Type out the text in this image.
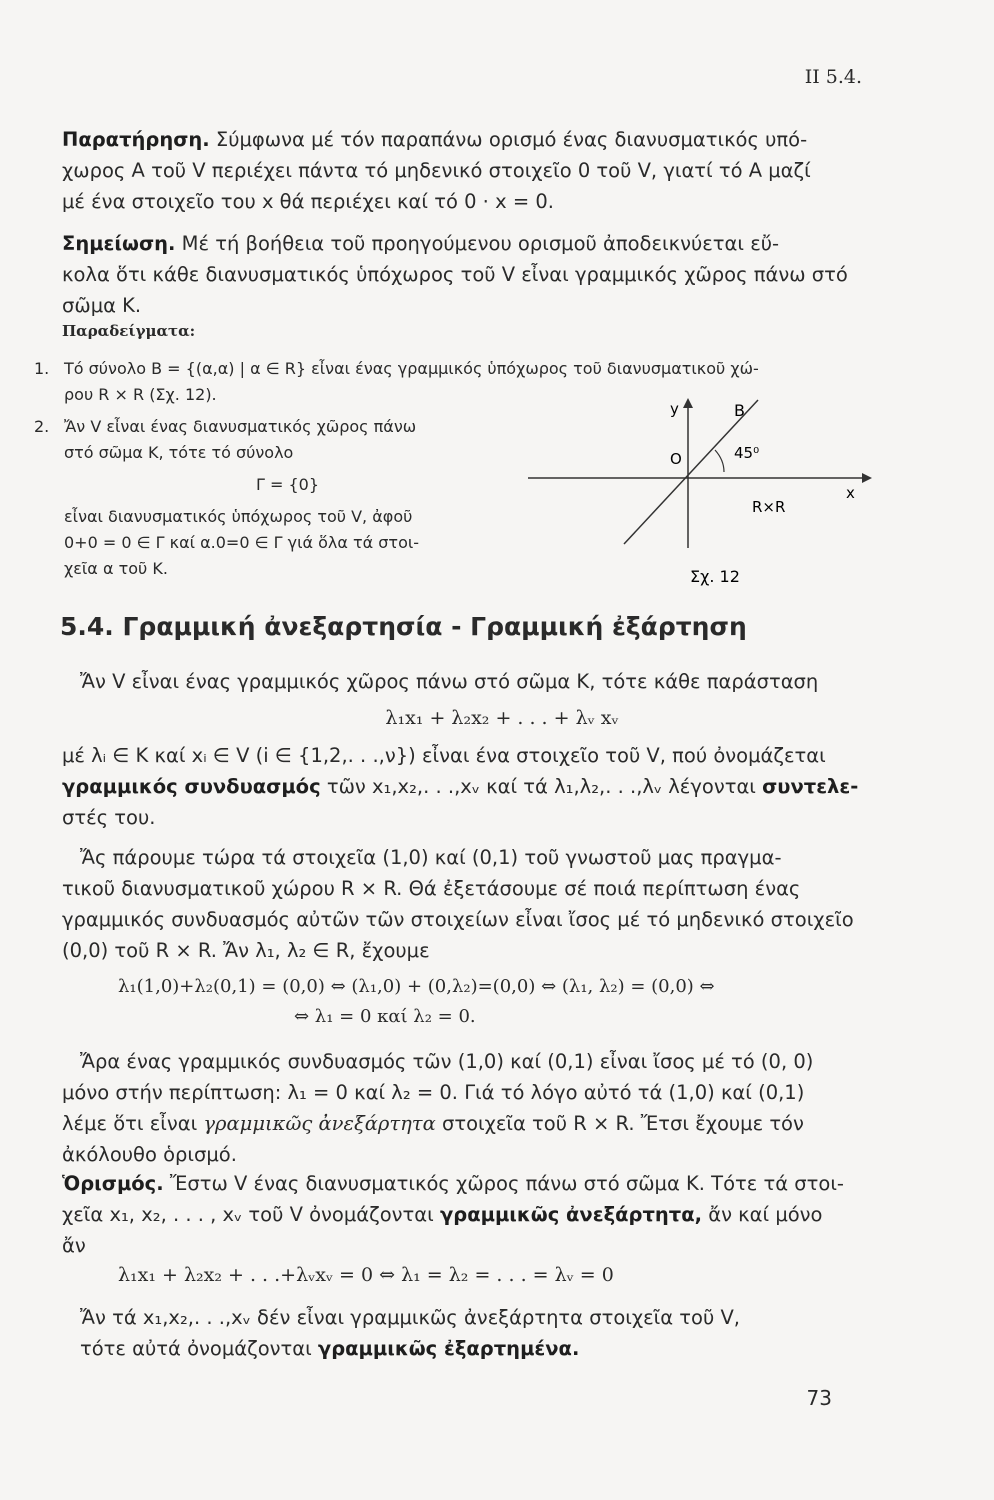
II 5.4.

Παρατήρηση. Σύμφωνα μέ τόν παραπάνω ορισμό ένας διανυσματικός υπό-

χωρος Α τοῦ V περιέχει πάντα τό μηδενικό στοιχεῖο 0 τοῦ V, γιατί τό Α μαζί

μέ ένα στοιχεῖο του x θά περιέχει καί τό 0 · x = 0.

Σημείωση. Μέ τή βοήθεια τοῦ προηγούμενου ορισμοῦ ἀποδεικνύεται εὔ-

κολα ὅτι κάθε διανυσματικός ὑπόχωρος τοῦ V εἶναι γραμμικός χῶρος πάνω στό

σῶμα Κ.

Παραδείγματα:
1. Τό σύνολο Β = {(α,α) | α ∈ R} εἶναι ένας γραμμικός ὑπόχωρος τοῦ διανυσματικοῦ χώ-
ρου R × R (Σχ. 12).
2. Ἄν V εἶναι ένας διανυσματικός χῶρος πάνω
στό σῶμα Κ, τότε τό σύνολο
Γ = {0}
εἶναι διανυσματικός ὑπόχωρος τοῦ V, ἀφοῦ
0+0 = 0 ∈ Γ καί α.0=0 ∈ Γ γιά ὅλα τά στοι-
χεῖα α τοῦ Κ.
y	B
O	45⁰
x
R×R
Σχ. 12
5.4. Γραμμική ἀνεξαρτησία - Γραμμική ἐξάρτηση

Ἄν V εἶναι ένας γραμμικός χῶρος πάνω στό σῶμα Κ, τότε κάθε παράσταση

λ₁x₁ + λ₂x₂ + . . . + λᵥ xᵥ

μέ λᵢ ∈ Κ καί xᵢ ∈ V (i ∈ {1,2,. . .,ν}) εἶναι ένα στοιχεῖο τοῦ V, πού ὀνομάζεται

γραμμικός συνδυασμός τῶν x₁,x₂,. . .,xᵥ καί τά λ₁,λ₂,. . .,λᵥ λέγονται συντελε-

στές του.

Ἄς πάρουμε τώρα τά στοιχεῖα (1,0) καί (0,1) τοῦ γνωστοῦ μας πραγμα-

τικοῦ διανυσματικοῦ χώρου R × R. Θά ἐξετάσουμε σέ ποιά περίπτωση ένας

γραμμικός συνδυασμός αὐτῶν τῶν στοιχείων εἶναι ἴσος μέ τό μηδενικό στοιχεῖο

(0,0) τοῦ R × R. Ἄν λ₁, λ₂ ∈ R, ἔχουμε

λ₁(1,0)+λ₂(0,1) = (0,0) ⇔ (λ₁,0) + (0,λ₂)=(0,0) ⇔ (λ₁, λ₂) = (0,0) ⇔
⇔ λ₁ = 0 καί λ₂ = 0.

Ἄρα ένας γραμμικός συνδυασμός τῶν (1,0) καί (0,1) εἶναι ἴσος μέ τό (0, 0)

μόνο στήν περίπτωση: λ₁ = 0 καί λ₂ = 0. Γιά τό λόγο αὐτό τά (1,0) καί (0,1)

λέμε ὅτι εἶναι γραμμικῶς ἀνεξάρτητα στοιχεῖα τοῦ R × R. Ἔτσι ἔχουμε τόν

ἀκόλουθο ὁρισμό.

Ὁρισμός. Ἔστω V ένας διανυσματικός χῶρος πάνω στό σῶμα Κ. Τότε τά στοι-

χεῖα x₁, x₂, . . . , xᵥ τοῦ V ὀνομάζονται γραμμικῶς ἀνεξάρτητα, ἄν καί μόνο

ἄν

λ₁x₁ + λ₂x₂ + . . .+λᵥxᵥ = 0 ⇔ λ₁ = λ₂ = . . . = λᵥ = 0

Ἄν τά x₁,x₂,. . .,xᵥ δέν εἶναι γραμμικῶς ἀνεξάρτητα στοιχεῖα τοῦ V,

τότε αὐτά ὀνομάζονται γραμμικῶς ἐξαρτημένα.

73
